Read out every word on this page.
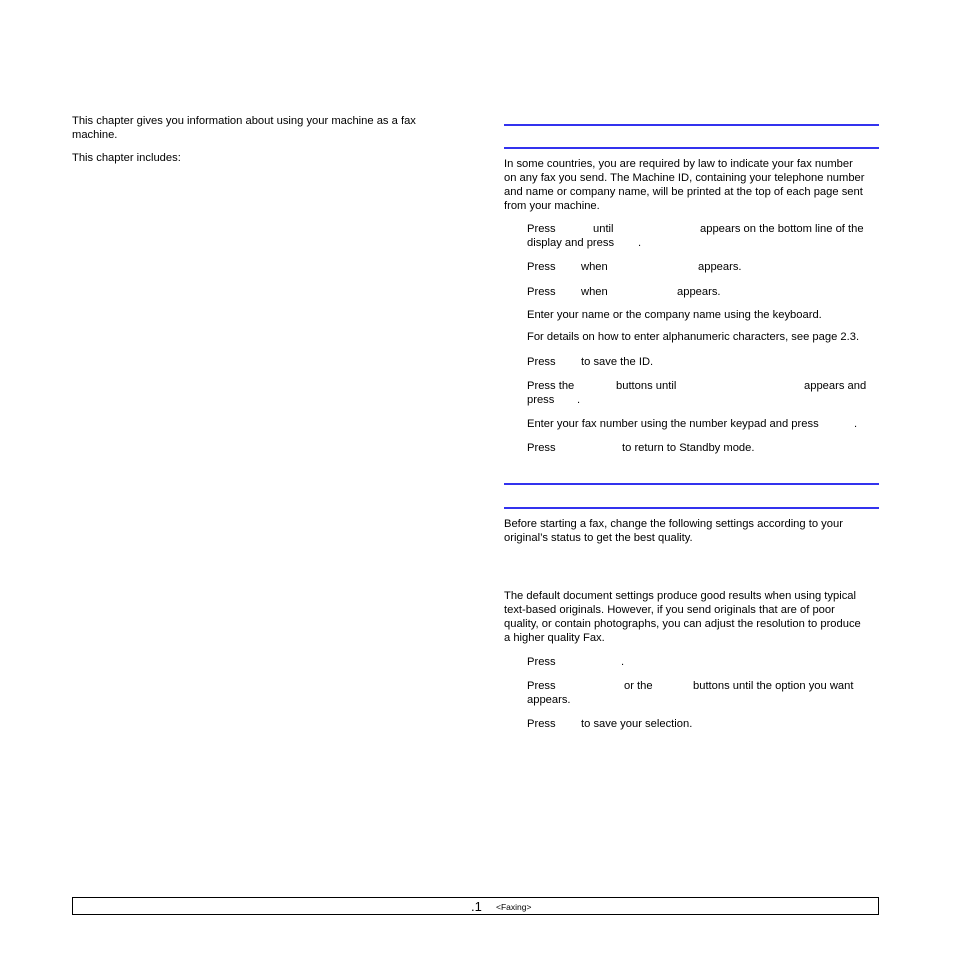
This chapter gives you information about using your machine as a fax
machine.
This chapter includes:	In some countries, you are required by law to indicate your fax number
on any fax you send. The Machine ID, containing your telephone number
and name or company name, will be printed at the top of each page sent
from your machine.
Press	until	appears on the bottom line of the
display and press .
Press when	appears.
Press when	appears.
Enter your name or the company name using the keyboard.
For details on how to enter alphanumeric characters, see page 2.3.
Press to save the ID.
Press the	buttons until	appears and
press .
Enter your fax number using the number keypad and press	.
Press	to return to Standby mode.
Before starting a fax, change the following settings according to your
original’s status to get the best quality.
The default document settings produce good results when using typical
text-based originals. However, if you send originals that are of poor
quality, or contain photographs, you can adjust the resolution to produce
a higher quality Fax.
Press	.
Press	or the	buttons until the option you want
appears.
Press to save your selection.
.1 <Faxing>
